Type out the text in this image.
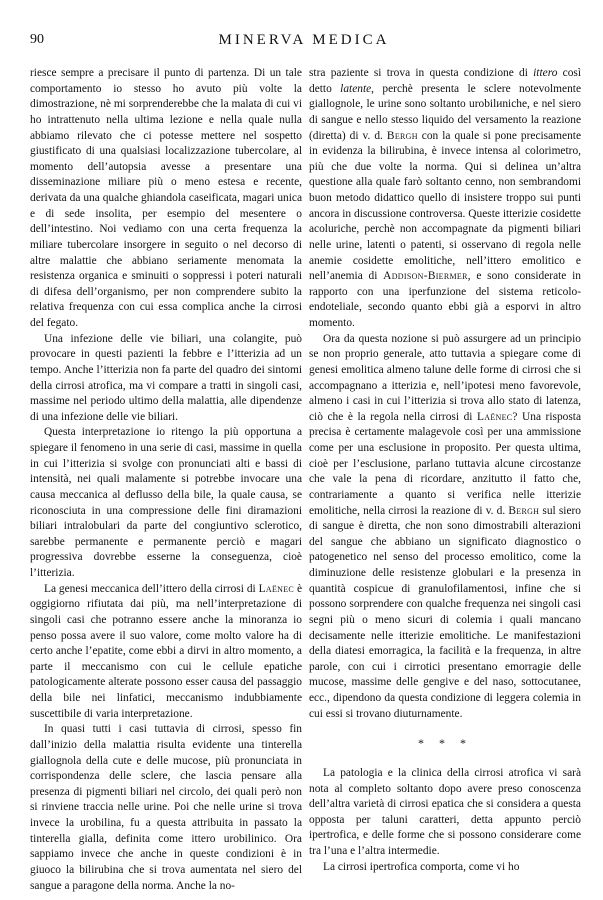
90	MINERVA MEDICA

riesce sempre a precisare il punto di partenza. Di un tale comportamento io stesso ho avuto più volte la dimostrazione, nè mi sorprenderebbe che la malata di cui vi ho intrattenuto nella ultima lezione e nella quale nulla abbiamo rilevato che ci potesse mettere nel sospetto giustificato di una qualsiasi localizzazione tubercolare, al momento dell’autopsia avesse a presentare una disseminazione miliare più o meno estesa e recente, derivata da una qualche ghiandola caseificata, magari unica e di sede insolita, per esempio del mesentere o dell’intestino. Noi vediamo con una certa frequenza la miliare tubercolare insorgere in seguito o nel decorso di altre malattie che abbiano seriamente menomata la resistenza organica e sminuiti o soppressi i poteri naturali di difesa dell’organismo, per non comprendere subito la relativa frequenza con cui essa complica anche la cirrosi del fegato.

Una infezione delle vie biliari, una colangite, può provocare in questi pazienti la febbre e l’itterizia ad un tempo. Anche l’itterizia non fa parte del quadro dei sintomi della cirrosi atrofica, ma vi compare a tratti in singoli casi, massime nel periodo ultimo della malattia, alle dipendenze di una infezione delle vie biliari.

Questa interpretazione io ritengo la più opportuna a spiegare il fenomeno in una serie di casi, massime in quella in cui l’itterizia si svolge con pronunciati alti e bassi di intensità, nei quali malamente si potrebbe invocare una causa meccanica al deflusso della bile, la quale causa, se riconosciuta in una compressione delle fini diramazioni biliari intralobulari da parte del congiuntivo sclerotico, sarebbe permanente e permanente perciò e magari progressiva dovrebbe esserne la conseguenza, cioè l’itterizia.

La genesi meccanica dell’ittero della cirrosi di Laënec è oggigiorno rifiutata dai più, ma nell’interpretazione di singoli casi che potranno essere anche la minoranza io penso possa avere il suo valore, come molto valore ha di certo anche l’epatite, come ebbi a dirvi in altro momento, a parte il meccanismo con cui le cellule epatiche patologicamente alterate possono esser causa del passaggio della bile nei linfatici, meccanismo indubbiamente suscettibile di varia interpretazione.

In quasi tutti i casi tuttavia di cirrosi, spesso fin dall’inizio della malattia risulta evidente una tinterella giallognola della cute e delle mucose, più pronunciata in corrispondenza delle sclere, che lascia pensare alla presenza di pigmenti biliari nel circolo, dei quali però non si rinviene traccia nelle urine. Poi che nelle urine si trova invece la urobilina, fu a questa attribuita in passato la tinterella gialla, definita come ittero urobilinico. Ora sappiamo invece che anche in queste condizioni è in giuoco la bilirubina che si trova aumentata nel siero del sangue a paragone della norma. Anche la no-

stra paziente si trova in questa condizione di ittero così detto latente, perchè presenta le sclere notevolmente giallognole, le urine sono soltanto urobilиniche, e nel siero di sangue e nello stesso liquido del versamento la reazione (diretta) di v. d. Bergh con la quale si pone precisamente in evidenza la bilirubina, è invece intensa al colorimetro, più che due volte la norma. Qui si delinea un’altra questione alla quale farò soltanto cenno, non sembrandomi buon metodo didattico quello di insistere troppo sui punti ancora in discussione controversa. Queste itterizie cosidette acoluriche, perchè non accompagnate da pigmenti biliari nelle urine, latenti o patenti, si osservano di regola nelle anemie cosidette emolitiche, nell’ittero emolitico e nell’anemia di Addison-Biermer, e sono considerate in rapporto con una iperfunzione del sistema reticolo-endoteliale, secondo quanto ebbi già a esporvi in altro momento.

Ora da questa nozione si può assurgere ad un principio se non proprio generale, atto tuttavia a spiegare come di genesi emolitica almeno talune delle forme di cirrosi che si accompagnano a itterizia e, nell’ipotesi meno favorevole, almeno i casi in cui l’itterizia si trova allo stato di latenza, ciò che è la regola nella cirrosi di Laënec? Una risposta precisa è certamente malagevole così per una ammissione come per una esclusione in proposito. Per questa ultima, cioè per l’esclusione, parlano tuttavia alcune circostanze che vale la pena di ricordare, anzitutto il fatto che, contrariamente a quanto si verifica nelle itterizie emolitiche, nella cirrosi la reazione di v. d. Bergh sul siero di sangue è diretta, che non sono dimostrabili alterazioni del sangue che abbiano un significato diagnostico o patogenetico nel senso del processo emolitico, come la diminuzione delle resistenze globulari e la presenza in quantità cospicue di granulofilamentosi, infine che si possono sorprendere con qualche frequenza nei singoli casi segni più o meno sicuri di colemia i quali mancano decisamente nelle itterizie emolitiche. Le manifestazioni della diatesi emorragica, la facilità e la frequenza, in altre parole, con cui i cirrotici presentano emorragie delle mucose, massime delle gengive e del naso, sottocutanee, ecc., dipendono da questa condizione di leggera colemia in cui essi si trovano diuturnamente.

* * *

La patologia e la clinica della cirrosi atrofica vi sarà nota al completo soltanto dopo avere preso conoscenza dell’altra varietà di cirrosi epatica che si considera a questa opposta per taluni caratteri, detta appunto perciò ipertrofica, e delle forme che si possono considerare come tra l’una e l’altra intermedie.

La cirrosi ipertrofica comporta, come vi ho
